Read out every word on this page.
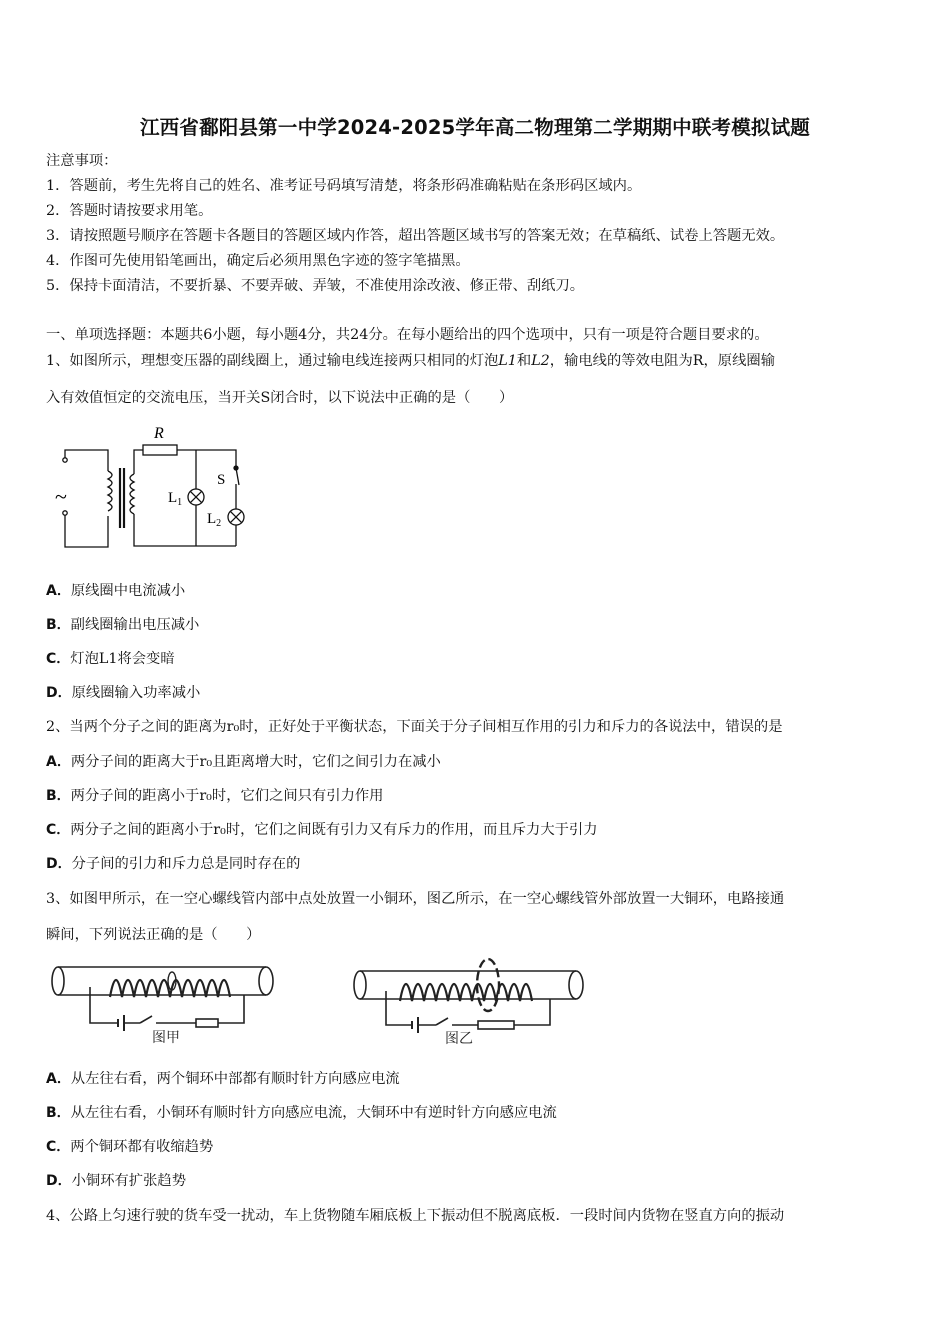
江西省鄱阳县第一中学2024-2025学年高二物理第二学期期中联考模拟试题
注意事项：
1．答题前，考生先将自己的姓名、准考证号码填写清楚，将条形码准确粘贴在条形码区域内。
2．答题时请按要求用笔。
3．请按照题号顺序在答题卡各题目的答题区域内作答，超出答题区域书写的答案无效；在草稿纸、试卷上答题无效。
4．作图可先使用铅笔画出，确定后必须用黑色字迹的签字笔描黑。
5．保持卡面清洁，不要折暴、不要弄破、弄皱，不准使用涂改液、修正带、刮纸刀。
一、单项选择题：本题共6小题，每小题4分，共24分。在每小题给出的四个选项中，只有一项是符合题目要求的。
1、如图所示，理想变压器的副线圈上，通过输电线连接两只相同的灯泡L1和L2，输电线的等效电阻为R，原线圈输
入有效值恒定的交流电压，当开关S闭合时，以下说法中正确的是（　　）
~
R
$L_1$
S
$L_2$
A．原线圈中电流减小
B．副线圈输出电压减小
C．灯泡L1将会变暗
D．原线圈输入功率减小
2、当两个分子之间的距离为r₀时，正好处于平衡状态，下面关于分子间相互作用的引力和斥力的各说法中，错误的是
A．两分子间的距离大于r₀且距离增大时，它们之间引力在减小
B．两分子间的距离小于r₀时，它们之间只有引力作用
C．两分子之间的距离小于r₀时，它们之间既有引力又有斥力的作用，而且斥力大于引力
D．分子间的引力和斥力总是同时存在的
3、如图甲所示，在一空心螺线管内部中点处放置一小铜环，图乙所示，在一空心螺线管外部放置一大铜环，电路接通
瞬间，下列说法正确的是（　　）
图甲	图乙
A．从左往右看，两个铜环中部都有顺时针方向感应电流
B．从左往右看，小铜环有顺时针方向感应电流，大铜环中有逆时针方向感应电流
C．两个铜环都有收缩趋势
D．小铜环有扩张趋势
4、公路上匀速行驶的货车受一扰动，车上货物随车厢底板上下振动但不脱离底板．一段时间内货物在竖直方向的振动
